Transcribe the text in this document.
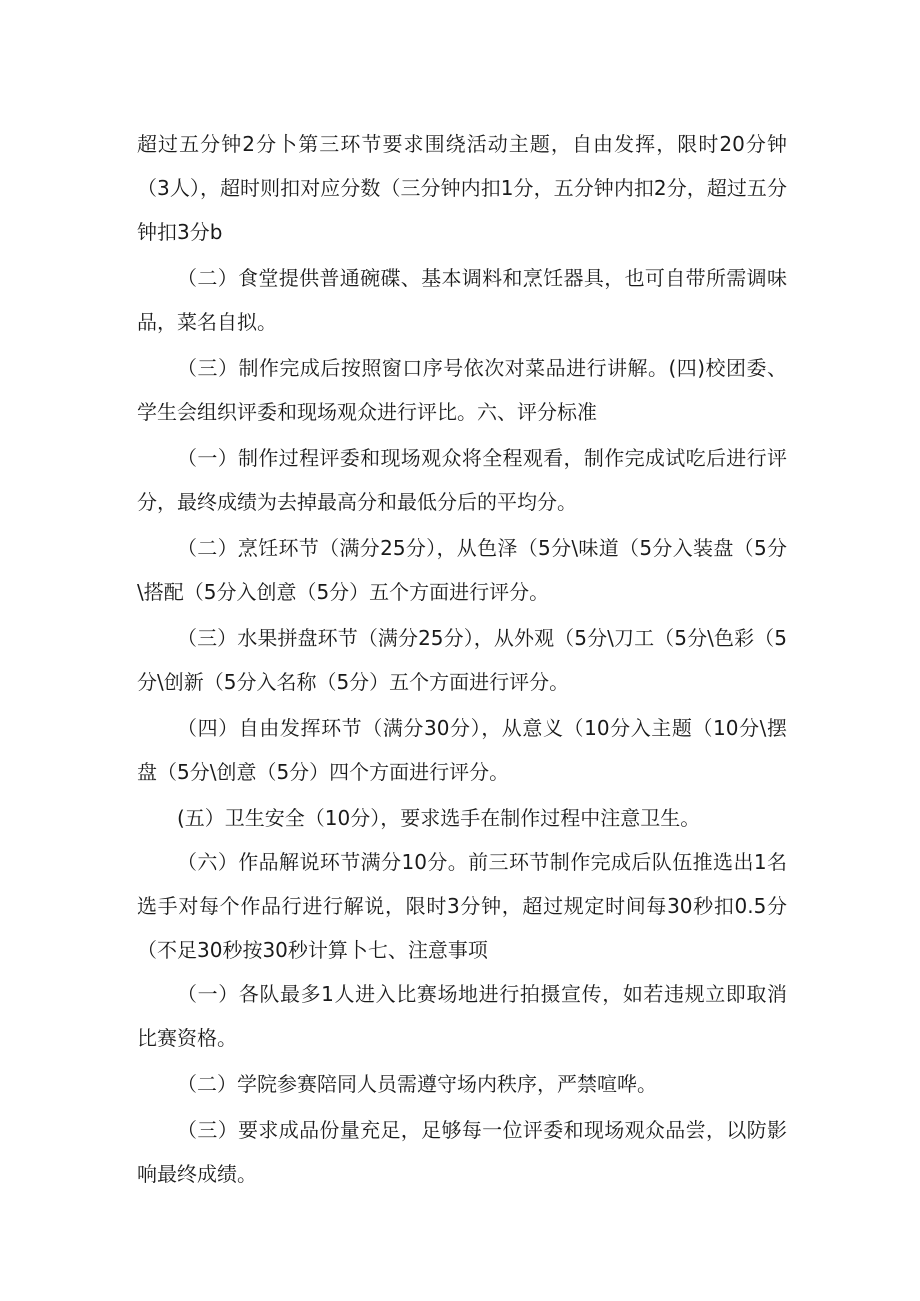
超过五分钟2分卜第三环节要求围绕活动主题，自由发挥，限时20分钟（3人），超时则扣对应分数（三分钟内扣1分，五分钟内扣2分，超过五分钟扣3分b

（二）食堂提供普通碗碟、基本调料和烹饪器具，也可自带所需调味品，菜名自拟。

（三）制作完成后按照窗口序号依次对菜品进行讲解。(四)校团委、学生会组织评委和现场观众进行评比。六、评分标准

（一）制作过程评委和现场观众将全程观看，制作完成试吃后进行评分，最终成绩为去掉最高分和最低分后的平均分。

（二）烹饪环节（满分25分），从色泽（5分\味道（5分入装盘（5分\搭配（5分入创意（5分）五个方面进行评分。

（三）水果拼盘环节（满分25分），从外观（5分\刀工（5分\色彩（5分\创新（5分入名称（5分）五个方面进行评分。

（四）自由发挥环节（满分30分），从意义（10分入主题（10分\摆盘（5分\创意（5分）四个方面进行评分。

(五）卫生安全（10分），要求选手在制作过程中注意卫生。

（六）作品解说环节满分10分。前三环节制作完成后队伍推选出1名选手对每个作品行进行解说，限时3分钟，超过规定时间每30秒扣0.5分（不足30秒按30秒计算卜七、注意事项

（一）各队最多1人进入比赛场地进行拍摄宣传，如若违规立即取消比赛资格。

（二）学院参赛陪同人员需遵守场内秩序，严禁喧哗。

（三）要求成品份量充足，足够每一位评委和现场观众品尝，以防影响最终成绩。
